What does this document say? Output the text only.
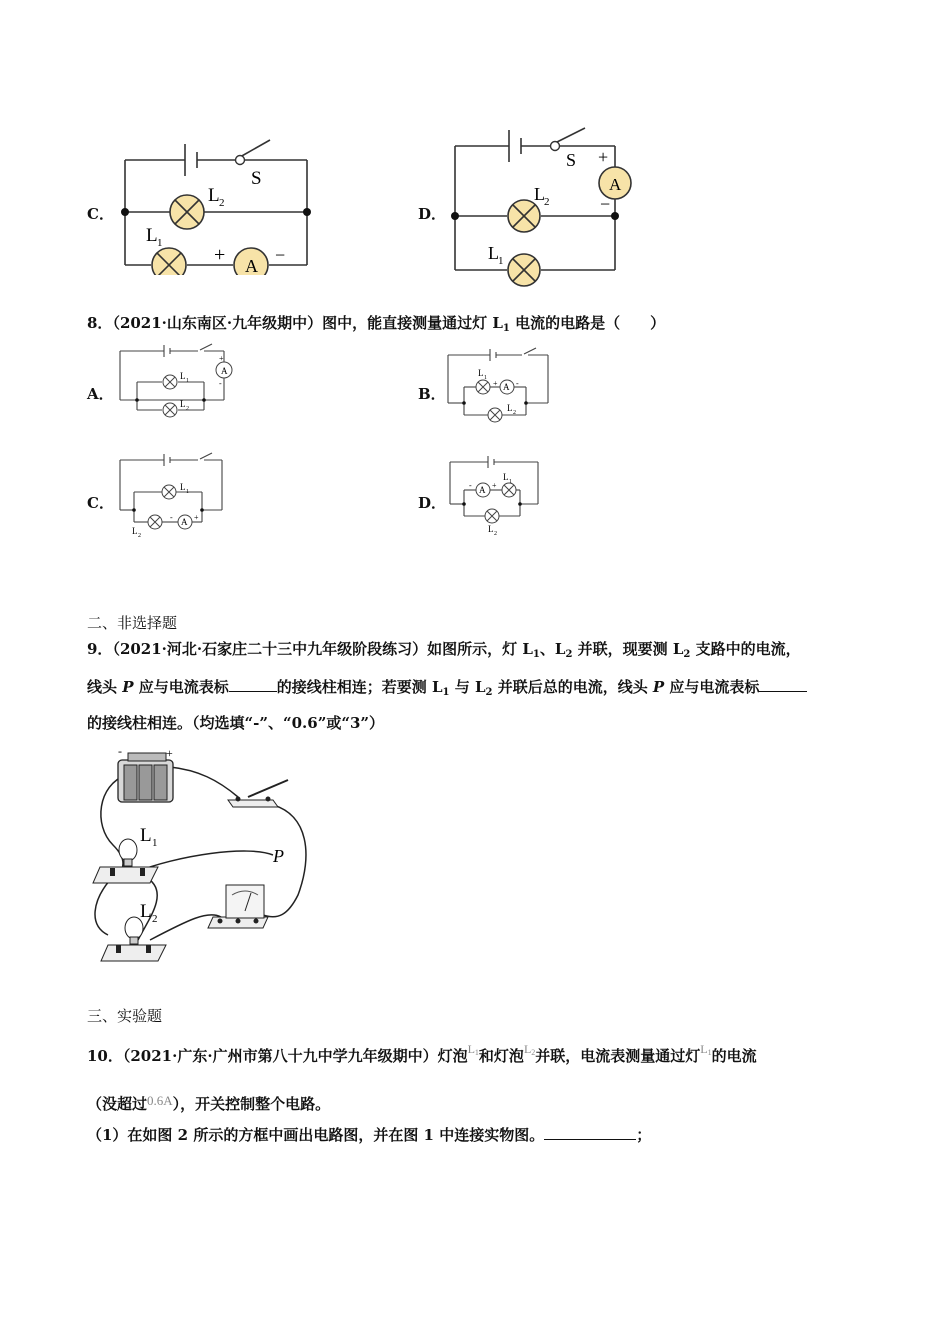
C．
L 2
L 1
S
A
+	−
D．
L 2
L 1
S
A
+
−
8．（2021·山东南区·九年级期中）图中，能直接测量通过灯 $L_1$ 电流的电路是（　　）
A．
A
L 1
L 2
+
-
B．	A
L 1
L 2
+ -
C．
A
L 1
L 2
-	+
D．
A
L 1
L 2
-	+
二、非选择题
9．（2021·河北·石家庄二十三中九年级阶段练习）如图所示，灯 $L_1$、$L_2$ 并联，现要测 $L_2$ 支路中的电流，
线头 P 应与电流表标	的接线柱相连；若要测 $L_1$ 与 $L_2$ 并联后总的电流，线头 P 应与电流表标
的接线柱相连。（均选填“-”、“0.6”或“3”）
-	+
L 1
L 2
P
三、实验题
10．（2021·广东·广州市第八十九中学九年级期中）灯泡$^{L1}$和灯泡$^{L2}$并联，电流表测量通过灯$^{L1}$的电流
（没超过0.6A），开关控制整个电路。
（1）在如图 2 所示的方框中画出电路图，并在图 1 中连接实物图。	；
